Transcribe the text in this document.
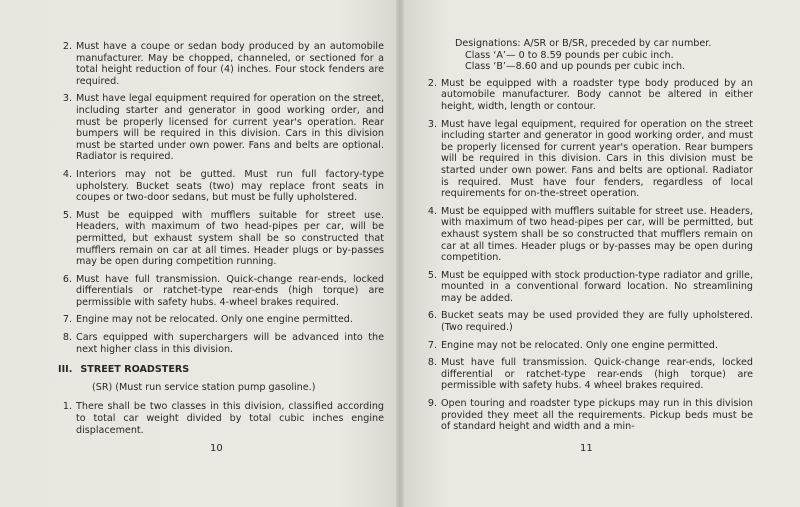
2. Must have a coupe or sedan body produced by an automobile manufacturer. May be chopped, channeled, or sectioned for a total height reduction of four (4) inches. Four stock fenders are required.

3. Must have legal equipment required for operation on the street, including starter and generator in good working order, and must be properly licensed for current year's operation. Rear bumpers will be required in this division. Cars in this division must be started under own power. Fans and belts are optional. Radiator is required.

4. Interiors may not be gutted. Must run full factory-type upholstery. Bucket seats (two) may replace front seats in coupes or two-door sedans, but must be fully upholstered.

5. Must be equipped with mufflers suitable for street use. Headers, with maximum of two head-pipes per car, will be permitted, but exhaust system shall be so constructed that mufflers remain on car at all times. Header plugs or by-passes may be open during competition running.

6. Must have full transmission. Quick-change rear-ends, locked differentials or ratchet-type rear-ends (high torque) are permissible with safety hubs. 4-wheel brakes required.

7. Engine may not be relocated. Only one engine permitted.

8. Cars equipped with superchargers will be advanced into the next higher class in this division.

III. STREET ROADSTERS
(SR) (Must run service station pump gasoline.)
1. There shall be two classes in this division, classified according to total car weight divided by total cubic inches engine displacement.

10
Designations: A/SR or B/SR, preceded by car number.
Class ‘A’— 0 to 8.59 pounds per cubic inch.
Class ‘B’—8.60 and up pounds per cubic inch.
2. Must be equipped with a roadster type body produced by an automobile manufacturer. Body cannot be altered in either height, width, length or contour.

3. Must have legal equipment, required for operation on the street including starter and generator in good working order, and must be properly licensed for current year's operation. Rear bumpers will be required in this division. Cars in this division must be started under own power. Fans and belts are optional. Radiator is required. Must have four fenders, regardless of local requirements for on-the-street operation.

4. Must be equipped with mufflers suitable for street use. Headers, with maximum of two head-pipes per car, will be permitted, but exhaust system shall be so constructed that mufflers remain on car at all times. Header plugs or by-passes may be open during competition.

5. Must be equipped with stock production-type radiator and grille, mounted in a conventional forward location. No streamlining may be added.

6. Bucket seats may be used provided they are fully upholstered. (Two required.)

7. Engine may not be relocated. Only one engine permitted.

8. Must have full transmission. Quick-change rear-ends, locked differential or ratchet-type rear-ends (high torque) are permissible with safety hubs. 4 wheel brakes required.

9. Open touring and roadster type pickups may run in this division provided they meet all the requirements. Pickup beds must be of standard height and width and a min-

11
